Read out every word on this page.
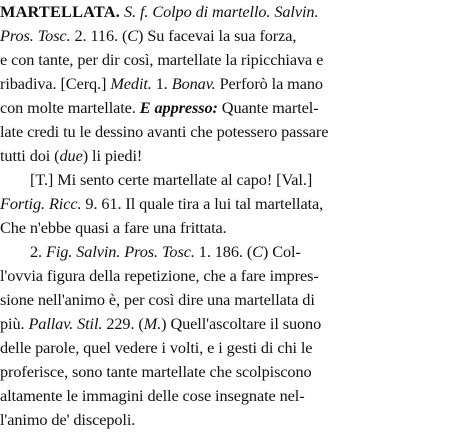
MARTELLATA. S. f. Colpo di martello. Salvin.
Pros. Tosc. 2. 116. (C) Su facevai la sua forza,
e con tante, per dir così, martellate la ripicchiava e
ribadiva. [Cerq.] Medit. 1. Bonav. Perforò la mano
con molte martellate. E appresso: Quante martel-
late credi tu le dessino avanti che potessero passare
tutti doi (due) li piedi!
[T.] Mi sento certe martellate al capo! [Val.]
Fortig. Ricc. 9. 61. Il quale tira a lui tal martellata,
Che n'ebbe quasi a fare una frittata.
2. Fig. Salvin. Pros. Tosc. 1. 186. (C) Col-
l'ovvia figura della repetizione, che a fare impres-
sione nell'animo è, per così dire una martellata di
più. Pallav. Stil. 229. (M.) Quell'ascoltare il suono
delle parole, quel vedere i volti, e i gesti di chi le
proferisce, sono tante martellate che scolpiscono
altamente le immagini delle cose insegnate nel-
l'animo de' discepoli.
